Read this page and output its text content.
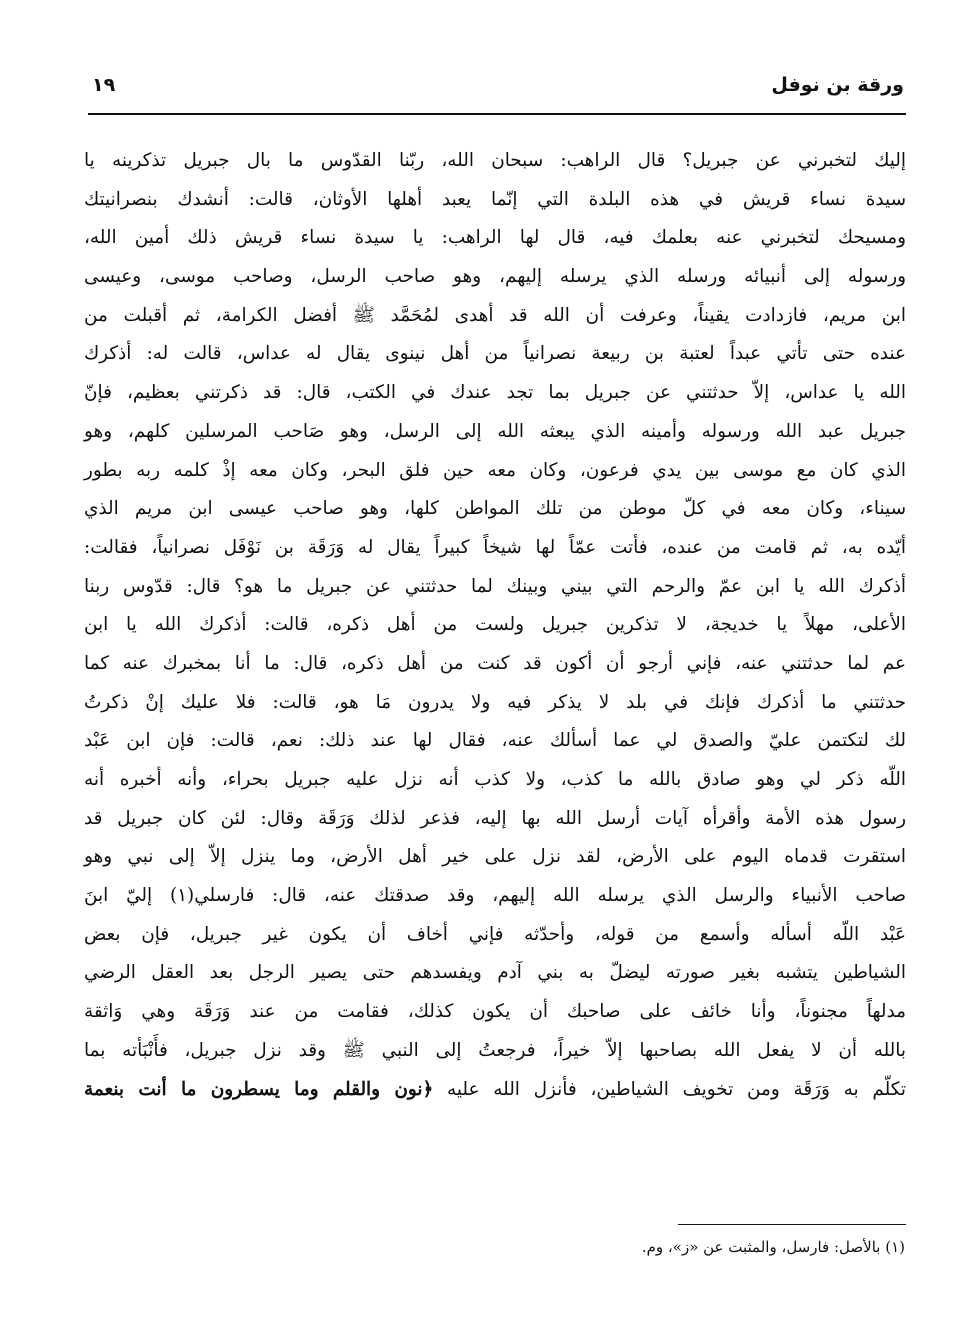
ورقة بن نوفل
١٩
إليك لتخبرني عن جبريل؟ قال الراهب: سبحان الله، ربّنا القدّوس ما بال جبريل تذكرينه يا
سيدة نساء قريش في هذه البلدة التي إنّما يعبد أهلها الأوثان، قالت: أنشدك بنصرانيتك
ومسيحك لتخبرني عنه بعلمك فيه، قال لها الراهب: يا سيدة نساء قريش ذلك أمين الله،
ورسوله إلى أنبيائه ورسله الذي يرسله إليهم، وهو صاحب الرسل، وصاحب موسى، وعيسى
ابن مريم، فازدادت يقيناً، وعرفت أن الله قد أهدى لمُحَمَّد ﷺ أفضل الكرامة، ثم أقبلت من
عنده حتى تأتي عبداً لعتبة بن ربيعة نصرانياً من أهل نينوى يقال له عداس، قالت له: أذكرك
الله يا عداس، إلاّ حدثتني عن جبريل بما تجد عندك في الكتب، قال: قد ذكرتني بعظيم، فإنّ
جبريل عبد الله ورسوله وأمينه الذي يبعثه الله إلى الرسل، وهو صَاحب المرسلين كلهم، وهو
الذي كان مع موسى بين يدي فرعون، وكان معه حين فلق البحر، وكان معه إذْ كلمه ربه بطور
سيناء، وكان معه في كلّ موطن من تلك المواطن كلها، وهو صاحب عيسى ابن مريم الذي
أيّده به، ثم قامت من عنده، فأتت عمّاً لها شيخاً كبيراً يقال له وَرَقَة بن نَوْفَل نصرانياً، فقالت:
أذكرك الله يا ابن عمّ والرحم التي بيني وبينك لما حدثتني عن جبريل ما هو؟ قال: قدّوس ربنا
الأعلى، مهلاً يا خديجة، لا تذكرين جبريل ولست من أهل ذكره، قالت: أذكرك الله يا ابن
عم لما حدثتني عنه، فإني أرجو أن أكون قد كنت من أهل ذكره، قال: ما أنا بمخبرك عنه كما
حدثتني ما أذكرك فإنك في بلد لا يذكر فيه ولا يدرون مَا هو، قالت: فلا عليك إنْ ذكرتُ
لك لتكتمن عليّ والصدق لي عما أسألك عنه، فقال لها عند ذلك: نعم، قالت: فإن ابن عَبْد
اللّه ذكر لي وهو صادق بالله ما كذب، ولا كذب أنه نزل عليه جبريل بحراء، وأنه أخبره أنه
رسول هذه الأمة وأقرأه آيات أرسل الله بها إليه، فذعر لذلك وَرَقَة وقال: لئن كان جبريل قد
استقرت قدماه اليوم على الأرض، لقد نزل على خير أهل الأرض، وما ينزل إلاّ إلى نبي وهو
صاحب الأنبياء والرسل الذي يرسله الله إليهم، وقد صدقتك عنه، قال: فارسلي(١) إليّ ابنَ
عَبْد اللّه أسأله وأسمع من قوله، وأحدّثه فإني أخاف أن يكون غير جبريل، فإن بعض
الشياطين يتشبه بغير صورته ليضلّ به بني آدم ويفسدهم حتى يصير الرجل بعد العقل الرضي
مدلهاً مجنوناً، وأنا خائف على صاحبك أن يكون كذلك، فقامت من عند وَرَقَة وهي وَاثقة
بالله أن لا يفعل الله بصاحبها إلاّ خيراً، فرجعتُ إلى النبي ﷺ وقد نزل جبريل، فأَنْبَأته بما
تكلّم به وَرَقَة ومن تخويف الشياطين، فأنزل الله عليه ﴿نون والقلم وما يسطرون ما أنت بنعمة
(١) بالأصل: فارسل، والمثبت عن «ز»، وم.
